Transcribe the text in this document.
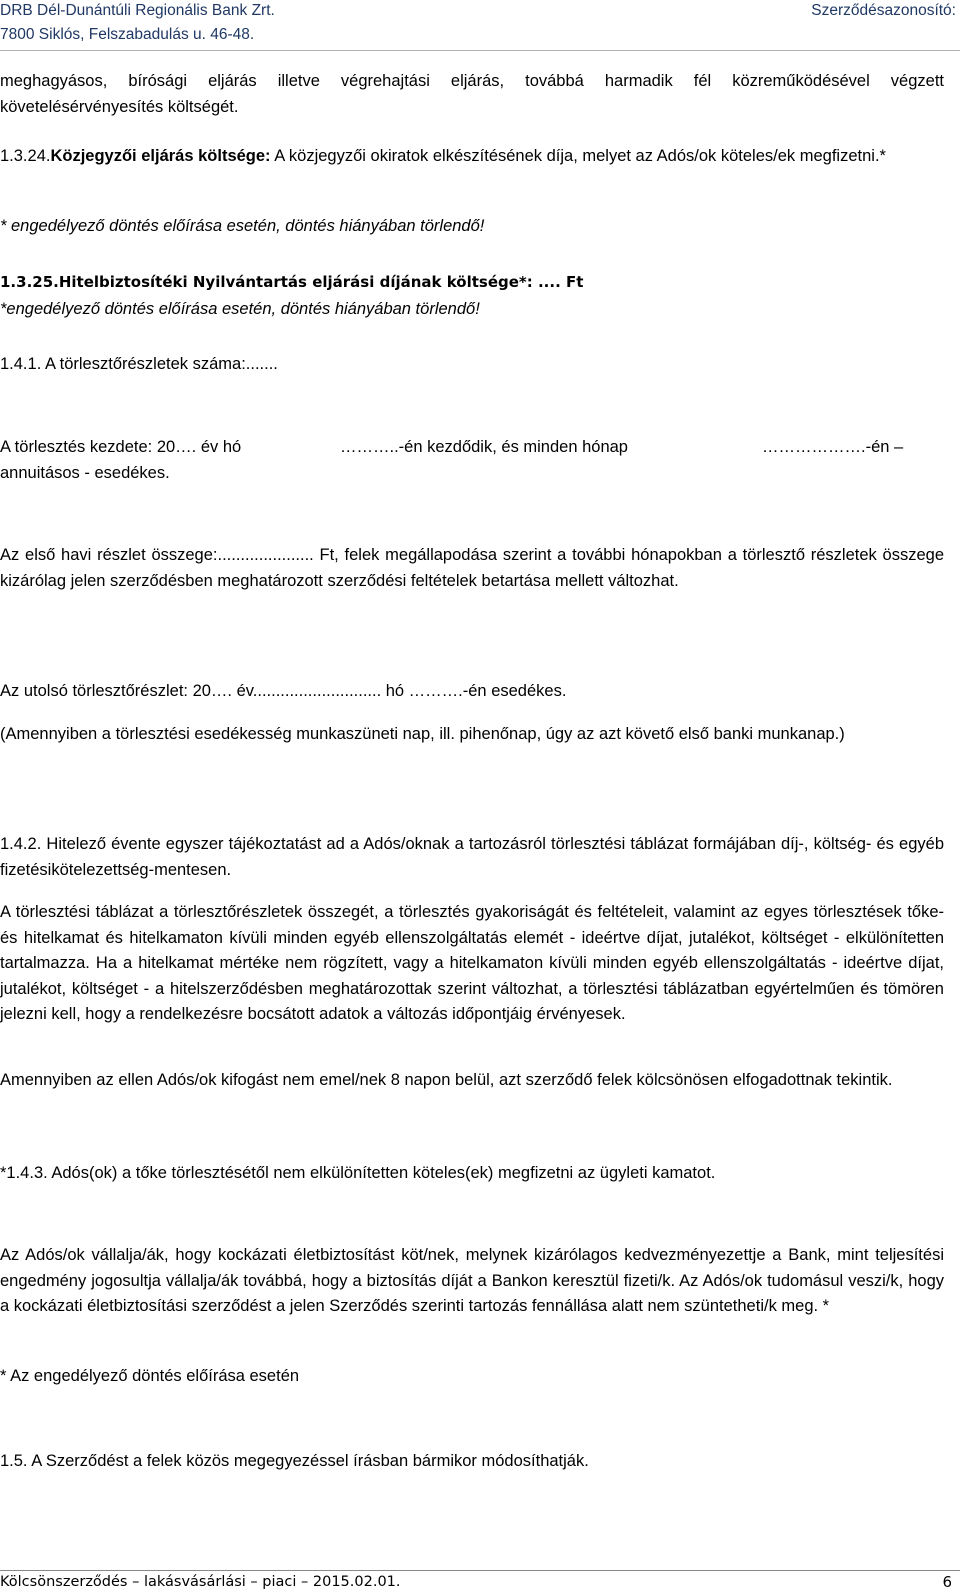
DRB Dél-Dunántúli Regionális Bank Zrt.
7800 Siklós, Felszabadulás u. 46-48.
Szerződésazonosító:

meghagyásos, bírósági eljárás illetve végrehajtási eljárás, továbbá harmadik fél közreműködésével végzett követelésérvényesítés költségét.

1.3.24.Közjegyzői eljárás költsége: A közjegyzői okiratok elkészítésének díja, melyet az Adós/ok köteles/ek megfizetni.*

* engedélyező döntés előírása esetén, döntés hiányában törlendő!

1.3.25.Hitelbiztosítéki Nyilvántartás eljárási díjának költsége*: .... Ft

*engedélyező döntés előírása esetén, döntés hiányában törlendő!

1.4.1. A törlesztőrészletek száma:.......

A törlesztés kezdete: 20…. év hó	………..-én kezdődik, és minden hónap	……………….-én –
annuitásos - esedékes.

Az első havi részlet összege:..................... Ft, felek megállapodása szerint a további hónapokban a törlesztő részletek összege kizárólag jelen szerződésben meghatározott szerződési feltételek betartása mellett változhat.

Az utolsó törlesztőrészlet: 20…. év............................ hó ……….-én esedékes.

(Amennyiben a törlesztési esedékesség munkaszüneti nap, ill. pihenőnap, úgy az azt követő első banki munkanap.)

1.4.2. Hitelező évente egyszer tájékoztatást ad a Adós/oknak a tartozásról törlesztési táblázat formájában díj-, költség- és egyéb fizetésikötelezettség-mentesen.

A törlesztési táblázat a törlesztőrészletek összegét, a törlesztés gyakoriságát és feltételeit, valamint az egyes törlesztések tőke- és hitelkamat és hitelkamaton kívüli minden egyéb ellenszolgáltatás elemét - ideértve díjat, jutalékot, költséget - elkülönítetten tartalmazza. Ha a hitelkamat mértéke nem rögzített, vagy a hitelkamaton kívüli minden egyéb ellenszolgáltatás - ideértve díjat, jutalékot, költséget - a hitelszerződésben meghatározottak szerint változhat, a törlesztési táblázatban egyértelműen és tömören jelezni kell, hogy a rendelkezésre bocsátott adatok a változás időpontjáig érvényesek.

Amennyiben az ellen Adós/ok kifogást nem emel/nek 8 napon belül, azt szerződő felek kölcsönösen elfogadottnak tekintik.

*1.4.3. Adós(ok) a tőke törlesztésétől nem elkülönítetten köteles(ek) megfizetni az ügyleti kamatot.

Az Adós/ok vállalja/ák, hogy kockázati életbiztosítást köt/nek, melynek kizárólagos kedvezményezettje a Bank, mint teljesítési engedmény jogosultja vállalja/ák továbbá, hogy a biztosítás díját a Bankon keresztül fizeti/k. Az Adós/ok tudomásul veszi/k, hogy a kockázati életbiztosítási szerződést a jelen Szerződés szerinti tartozás fennállása alatt nem szüntetheti/k meg. *

* Az engedélyező döntés előírása esetén

1.5. A Szerződést a felek közös megegyezéssel írásban bármikor módosíthatják.

Kölcsönszerződés – lakásvásárlási – piaci – 2015.02.01.	6
